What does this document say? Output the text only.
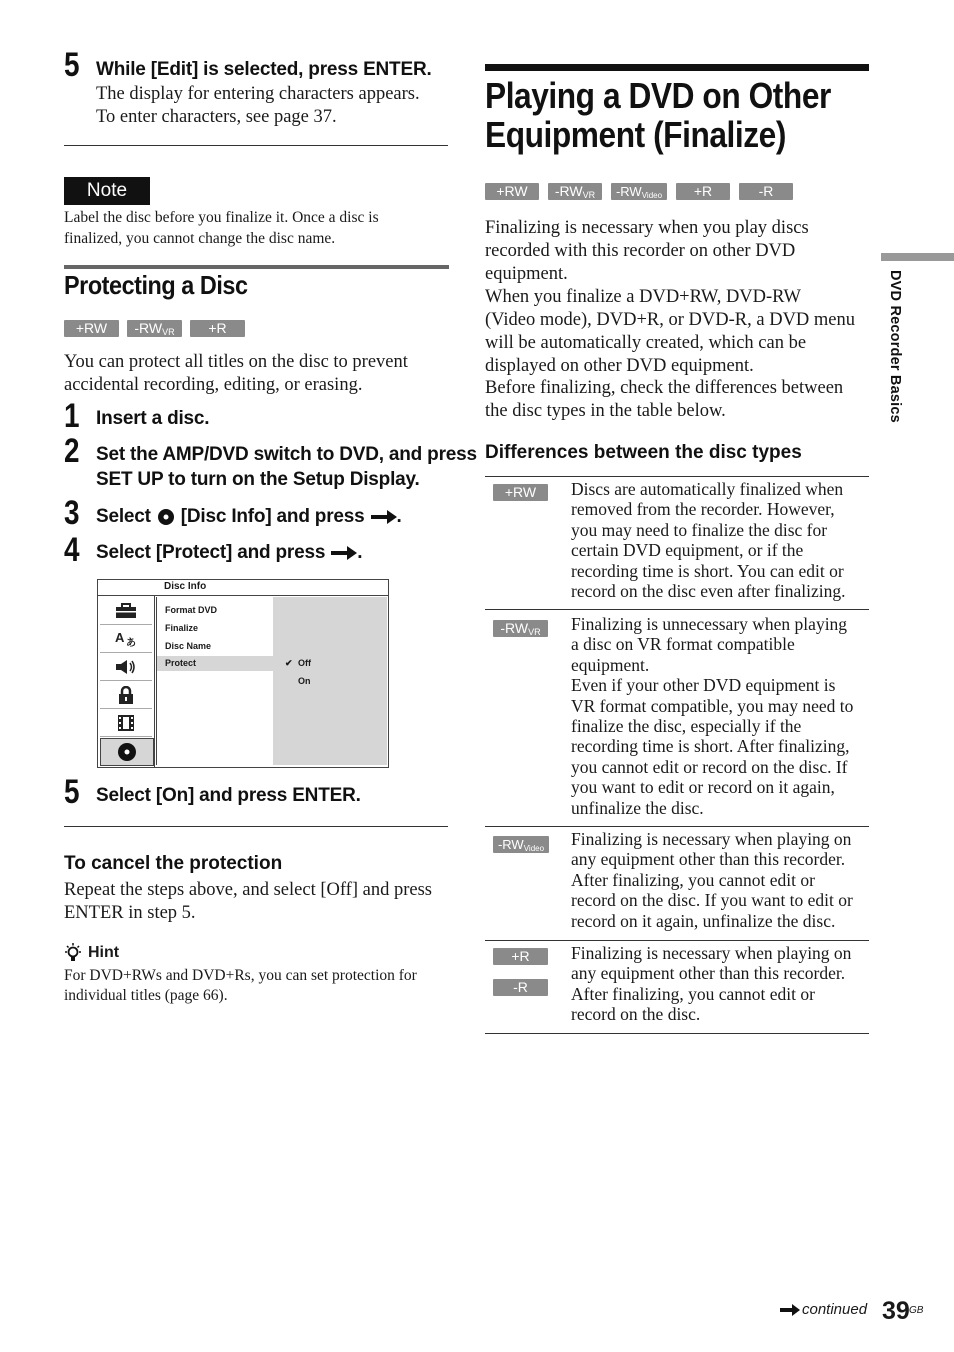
5 While [Edit] is selected, press ENTER.
The display for entering characters appears.
To enter characters, see page 37.
Note
Label the disc before you finalize it. Once a disc is
finalized, you cannot change the disc name.
Protecting a Disc
+RW	$-RW_{VR}$	+R
You can protect all titles on the disc to prevent
accidental recording, editing, or erasing.
1 Insert a disc.
2 Set the AMP/DVD switch to DVD, and press
SET UP to turn on the Setup Display.
3 Select [Disc Info] and press .
4 Select [Protect] and press .
Disc Info
A あ
Format DVD
Finalize
Disc Name
Protect	✔ Off
On
5 Select [On] and press ENTER.
To cancel the protection
Repeat the steps above, and select [Off] and press
ENTER in step 5.
Hint
For DVD+RWs and DVD+Rs, you can set protection for
individual titles (page 66).
Playing a DVD on Other
Equipment (Finalize)
+RW	$-RW_{VR}$	$-RW_{Video}$	+R	-R
Finalizing is necessary when you play discs
recorded with this recorder on other DVD
equipment.
When you finalize a DVD+RW, DVD-RW
(Video mode), DVD+R, or DVD-R, a DVD menu
will be automatically created, which can be
displayed on other DVD equipment.
Before finalizing, check the differences between
the disc types in the table below.
Differences between the disc types
+RW	Discs are automatically finalized when
removed from the recorder. However,
you may need to finalize the disc for
certain DVD equipment, or if the
recording time is short. You can edit or
record on the disc even after finalizing.
$-RW_{VR}$	Finalizing is unnecessary when playing
a disc on VR format compatible
equipment.
Even if your other DVD equipment is
VR format compatible, you may need to
finalize the disc, especially if the
recording time is short. After finalizing,
you cannot edit or record on the disc. If
you want to edit or record on it again,
unfinalize the disc.
$-RW_{Video}$ Finalizing is necessary when playing on
any equipment other than this recorder.
After finalizing, you cannot edit or
record on the disc. If you want to edit or
record on it again, unfinalize the disc.
+R
-R
Finalizing is necessary when playing on
any equipment other than this recorder.
After finalizing, you cannot edit or
record on the disc.
DVD Recorder Basics
continued 39 GB
